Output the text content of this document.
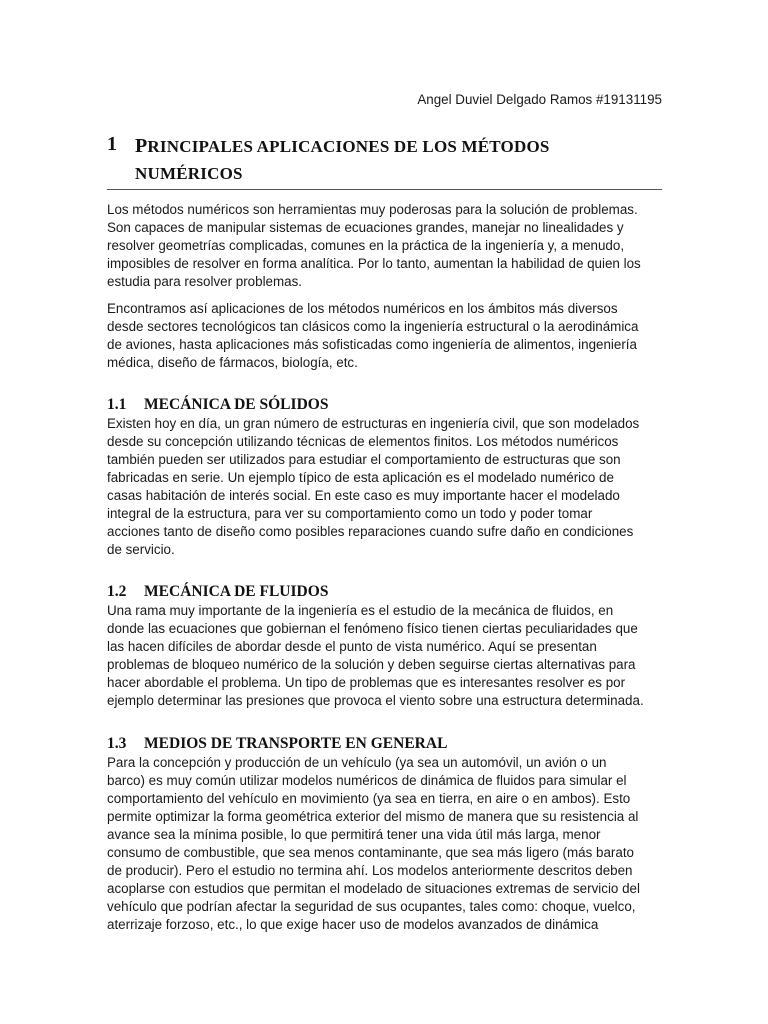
Angel Duviel Delgado Ramos #19131195
1 PRINCIPALES APLICACIONES DE LOS MÉTODOS
NUMÉRICOS
Los métodos numéricos son herramientas muy poderosas para la solución de problemas.
Son capaces de manipular sistemas de ecuaciones grandes, manejar no linealidades y
resolver geometrías complicadas, comunes en la práctica de la ingeniería y, a menudo,
imposibles de resolver en forma analítica. Por lo tanto, aumentan la habilidad de quien los
estudia para resolver problemas.
Encontramos así aplicaciones de los métodos numéricos en los ámbitos más diversos
desde sectores tecnológicos tan clásicos como la ingeniería estructural o la aerodinámica
de aviones, hasta aplicaciones más sofisticadas como ingeniería de alimentos, ingeniería
médica, diseño de fármacos, biología, etc.
1.1 MECÁNICA DE SÓLIDOS
Existen hoy en día, un gran número de estructuras en ingeniería civil, que son modelados
desde su concepción utilizando técnicas de elementos finitos. Los métodos numéricos
también pueden ser utilizados para estudiar el comportamiento de estructuras que son
fabricadas en serie. Un ejemplo típico de esta aplicación es el modelado numérico de
casas habitación de interés social. En este caso es muy importante hacer el modelado
integral de la estructura, para ver su comportamiento como un todo y poder tomar
acciones tanto de diseño como posibles reparaciones cuando sufre daño en condiciones
de servicio.
1.2 MECÁNICA DE FLUIDOS
Una rama muy importante de la ingeniería es el estudio de la mecánica de fluidos, en
donde las ecuaciones que gobiernan el fenómeno físico tienen ciertas peculiaridades que
las hacen difíciles de abordar desde el punto de vista numérico. Aquí se presentan
problemas de bloqueo numérico de la solución y deben seguirse ciertas alternativas para
hacer abordable el problema. Un tipo de problemas que es interesantes resolver es por
ejemplo determinar las presiones que provoca el viento sobre una estructura determinada.
1.3 MEDIOS DE TRANSPORTE EN GENERAL
Para la concepción y producción de un vehículo (ya sea un automóvil, un avión o un
barco) es muy común utilizar modelos numéricos de dinámica de fluidos para simular el
comportamiento del vehículo en movimiento (ya sea en tierra, en aire o en ambos). Esto
permite optimizar la forma geométrica exterior del mismo de manera que su resistencia al
avance sea la mínima posible, lo que permitirá tener una vida útil más larga, menor
consumo de combustible, que sea menos contaminante, que sea más ligero (más barato
de producir). Pero el estudio no termina ahí. Los modelos anteriormente descritos deben
acoplarse con estudios que permitan el modelado de situaciones extremas de servicio del
vehículo que podrían afectar la seguridad de sus ocupantes, tales como: choque, vuelco,
aterrizaje forzoso, etc., lo que exige hacer uso de modelos avanzados de dinámica
